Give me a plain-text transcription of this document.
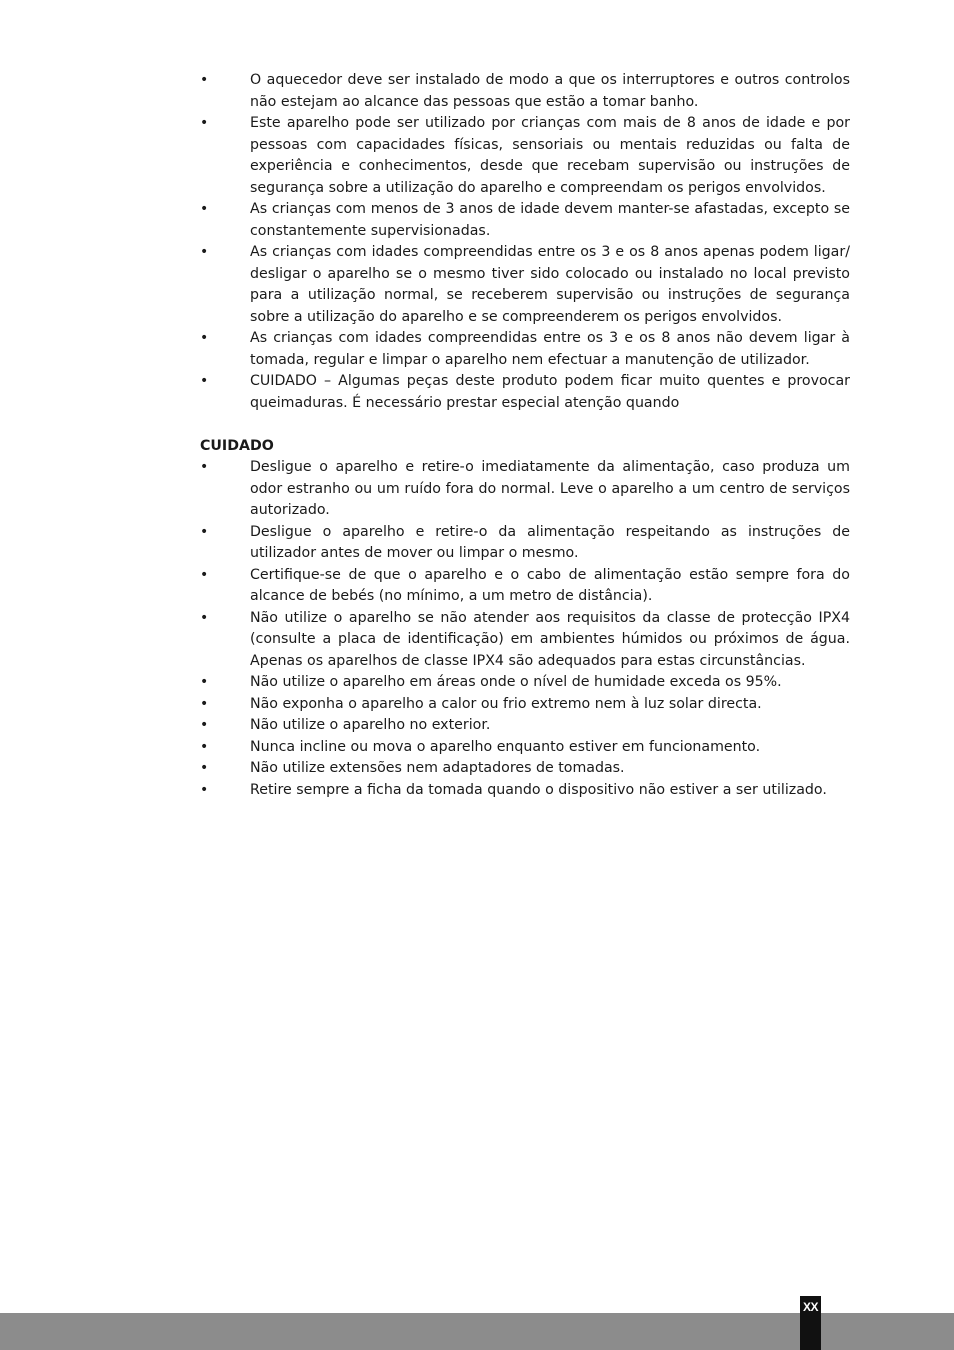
•	O aquecedor deve ser instalado de modo a que os interruptores e outros controlos não estejam ao alcance das pessoas que estão a tomar banho.
•	Este aparelho pode ser utilizado por crianças com mais de 8 anos de idade e por pessoas com capacidades físicas, sensoriais ou mentais reduzidas ou falta de experiência e conhecimentos, desde que recebam supervisão ou instruções de segurança sobre a utilização do aparelho e compreendam os perigos envolvidos.
•	As crianças com menos de 3 anos de idade devem manter-se afastadas, excepto se constantemente supervisionadas.
•	As crianças com idades compreendidas entre os 3 e os 8 anos apenas podem ligar/ desligar o aparelho se o mesmo tiver sido colocado ou instalado no local previsto para a utilização normal, se receberem supervisão ou instruções de segurança sobre a utilização do aparelho e se compreenderem os perigos envolvidos.
•	As crianças com idades compreendidas entre os 3 e os 8 anos não devem ligar à tomada, regular e limpar o aparelho nem efectuar a manutenção de utilizador.
•	CUIDADO – Algumas peças deste produto podem ficar muito quentes e provocar queimaduras. É necessário prestar especial atenção quando
CUIDADO
•	Desligue o aparelho e retire-o imediatamente da alimentação, caso produza um odor estranho ou um ruído fora do normal. Leve o aparelho a um centro de serviços autorizado.
•	Desligue o aparelho e retire-o da alimentação respeitando as instruções de utilizador antes de mover ou limpar o mesmo.
•	Certifique-se de que o aparelho e o cabo de alimentação estão sempre fora do alcance de bebés (no mínimo, a um metro de distância).
•	Não utilize o aparelho se não atender aos requisitos da classe de protecção IPX4 (consulte a placa de identificação) em ambientes húmidos ou próximos de água. Apenas os aparelhos de classe IPX4 são adequados para estas circunstâncias.
•	Não utilize o aparelho em áreas onde o nível de humidade exceda os 95%.
•	Não exponha o aparelho a calor ou frio extremo nem à luz solar directa.
•	Não utilize o aparelho no exterior.
•	Nunca incline ou mova o aparelho enquanto estiver em funcionamento.
•	Não utilize extensões nem adaptadores de tomadas.
•	Retire sempre a ficha da tomada quando o dispositivo não estiver a ser utilizado.
XX
